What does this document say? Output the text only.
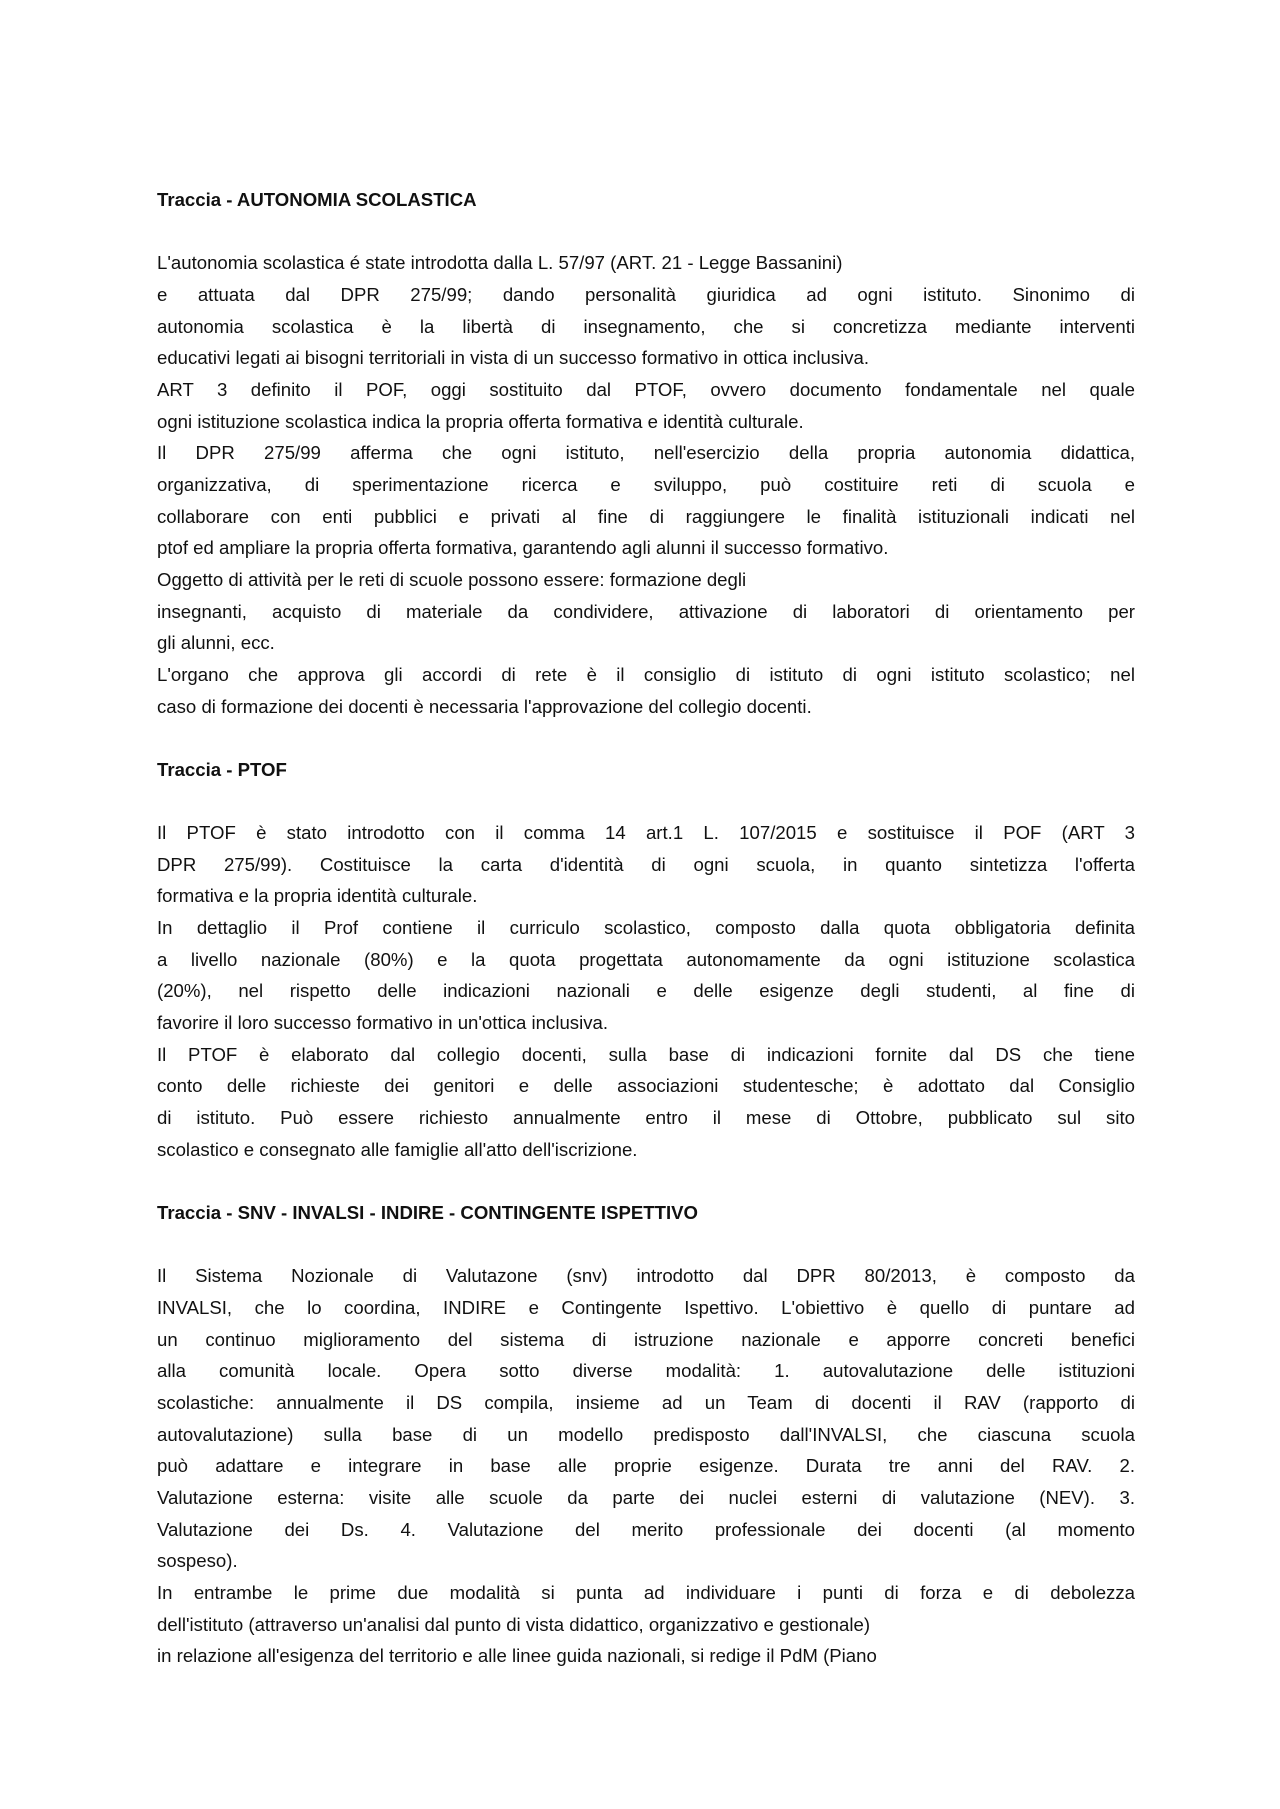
Traccia - AUTONOMIA SCOLASTICA
L'autonomia scolastica é state introdotta dalla L. 57/97 (ART. 21 - Legge Bassanini)
e attuata dal DPR 275/99; dando personalità giuridica ad ogni istituto. Sinonimo di
autonomia scolastica è la libertà di insegnamento, che si concretizza mediante interventi
educativi legati ai bisogni territoriali in vista di un successo formativo in ottica inclusiva.
ART 3 definito il POF, oggi sostituito dal PTOF, ovvero documento fondamentale nel quale
ogni istituzione scolastica indica la propria offerta formativa e identità culturale.
Il DPR 275/99 afferma che ogni istituto, nell'esercizio della propria autonomia didattica,
organizzativa, di sperimentazione ricerca e sviluppo, può costituire reti di scuola e
collaborare con enti pubblici e privati al fine di raggiungere le finalità istituzionali indicati nel
ptof ed ampliare la propria offerta formativa, garantendo agli alunni il successo formativo.
Oggetto di attività per le reti di scuole possono essere: formazione degli
insegnanti, acquisto di materiale da condividere, attivazione di laboratori di orientamento per
gli alunni, ecc.
L'organo che approva gli accordi di rete è il consiglio di istituto di ogni istituto scolastico; nel
caso di formazione dei docenti è necessaria l'approvazione del collegio docenti.
Traccia - PTOF
Il PTOF è stato introdotto con il comma 14 art.1 L. 107/2015 e sostituisce il POF (ART 3
DPR 275/99). Costituisce la carta d'identità di ogni scuola, in quanto sintetizza l'offerta
formativa e la propria identità culturale.
In dettaglio il Prof contiene il curriculo scolastico, composto dalla quota obbligatoria definita
a livello nazionale (80%) e la quota progettata autonomamente da ogni istituzione scolastica
(20%), nel rispetto delle indicazioni nazionali e delle esigenze degli studenti, al fine di
favorire il loro successo formativo in un'ottica inclusiva.
Il PTOF è elaborato dal collegio docenti, sulla base di indicazioni fornite dal DS che tiene
conto delle richieste dei genitori e delle associazioni studentesche; è adottato dal Consiglio
di istituto. Può essere richiesto annualmente entro il mese di Ottobre, pubblicato sul sito
scolastico e consegnato alle famiglie all'atto dell'iscrizione.
Traccia - SNV - INVALSI - INDIRE - CONTINGENTE ISPETTIVO
Il Sistema Nozionale di Valutazone (snv) introdotto dal DPR 80/2013, è composto da
INVALSI, che lo coordina, INDIRE e Contingente Ispettivo. L'obiettivo è quello di puntare ad
un continuo miglioramento del sistema di istruzione nazionale e apporre concreti benefici
alla comunità locale. Opera sotto diverse modalità: 1. autovalutazione delle istituzioni
scolastiche: annualmente il DS compila, insieme ad un Team di docenti il RAV (rapporto di
autovalutazione) sulla base di un modello predisposto dall'INVALSI, che ciascuna scuola
può adattare e integrare in base alle proprie esigenze. Durata tre anni del RAV. 2.
Valutazione esterna: visite alle scuole da parte dei nuclei esterni di valutazione (NEV). 3.
Valutazione dei Ds. 4. Valutazione del merito professionale dei docenti (al momento
sospeso).
In entrambe le prime due modalità si punta ad individuare i punti di forza e di debolezza
dell'istituto (attraverso un'analisi dal punto di vista didattico, organizzativo e gestionale)
in relazione all'esigenza del territorio e alle linee guida nazionali, si redige il PdM (Piano
